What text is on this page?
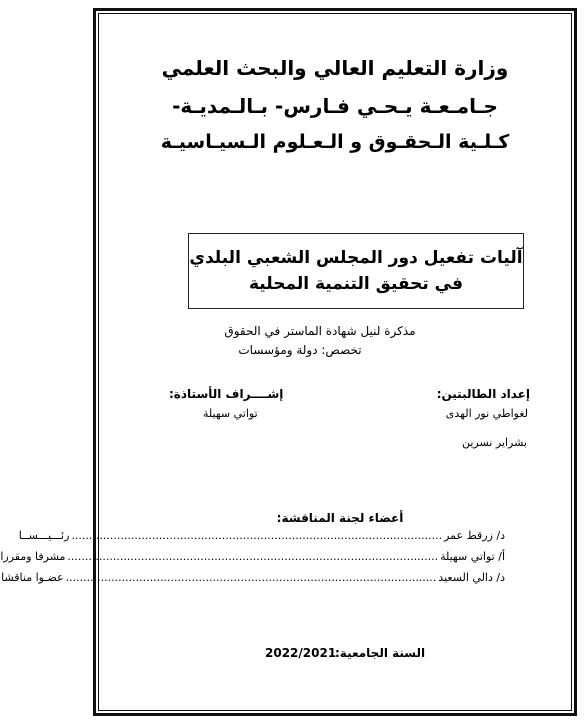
وزارة التعليم العالي والبحث العلمي
جـامـعـة يـحـي فـارس- بـالـمديـة-
كـلـية الـحقـوق و الـعـلوم الـسيـاسيـة
آليات تفعيل دور المجلس الشعبي البلدي
في تحقيق التنمية المحلية
مذكرة لنيل شهادة الماستر في الحقوق
تخصص: دولة ومؤسسات
إعداد الطالبتين:
إشــــراف الأستاذة:
لغواطي نور الهدى
تواتي سهيلة
بشراير نسرين
أعضاء لجنة المناقشة:
د/ زرقط عمر
..........................................................................................................
رئـــيـــســا
أ/ تواتي سهيلة
..........................................................................................................
مشرفا ومقررا
د/ دالي السعيد
..........................................................................................................
عضـوا مناقشا
السنة الجامعية:
2022/2021
